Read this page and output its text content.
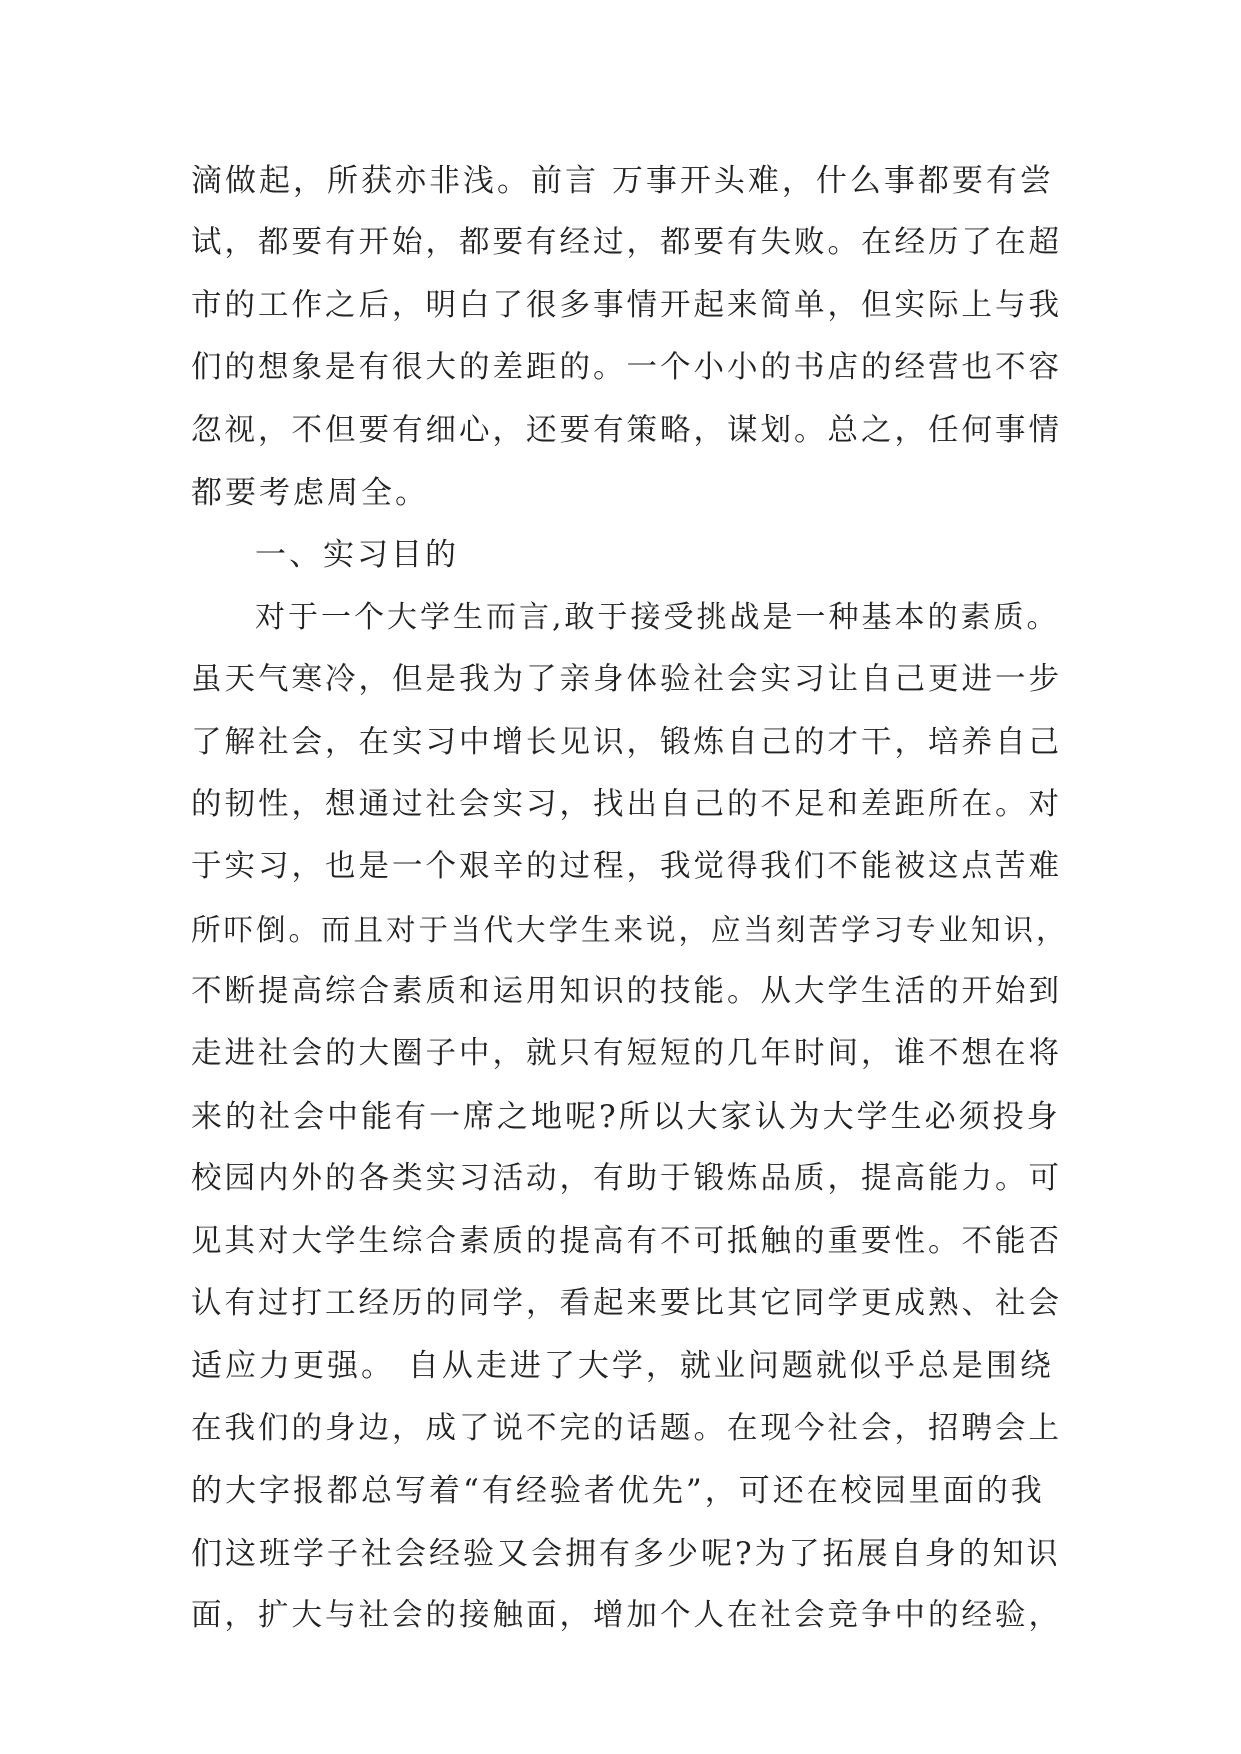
滴做起，所获亦非浅。前言 万事开头难，什么事都要有尝
试，都要有开始，都要有经过，都要有失败。在经历了在超
市的工作之后，明白了很多事情开起来简单，但实际上与我
们的想象是有很大的差距的。一个小小的书店的经营也不容
忽视，不但要有细心，还要有策略，谋划。总之，任何事情
都要考虑周全。
一、实习目的
对于一个大学生而言,敢于接受挑战是一种基本的素质。
虽天气寒冷，但是我为了亲身体验社会实习让自己更进一步
了解社会，在实习中增长见识，锻炼自己的才干，培养自己
的韧性，想通过社会实习，找出自己的不足和差距所在。对
于实习，也是一个艰辛的过程，我觉得我们不能被这点苦难
所吓倒。而且对于当代大学生来说，应当刻苦学习专业知识，
不断提高综合素质和运用知识的技能。从大学生活的开始到
走进社会的大圈子中，就只有短短的几年时间，谁不想在将
来的社会中能有一席之地呢?所以大家认为大学生必须投身
校园内外的各类实习活动，有助于锻炼品质，提高能力。可
见其对大学生综合素质的提高有不可抵触的重要性。不能否
认有过打工经历的同学，看起来要比其它同学更成熟、社会
适应力更强。 自从走进了大学，就业问题就似乎总是围绕
在我们的身边，成了说不完的话题。在现今社会，招聘会上
的大字报都总写着“有经验者优先”，可还在校园里面的我
们这班学子社会经验又会拥有多少呢?为了拓展自身的知识
面，扩大与社会的接触面，增加个人在社会竞争中的经验，
